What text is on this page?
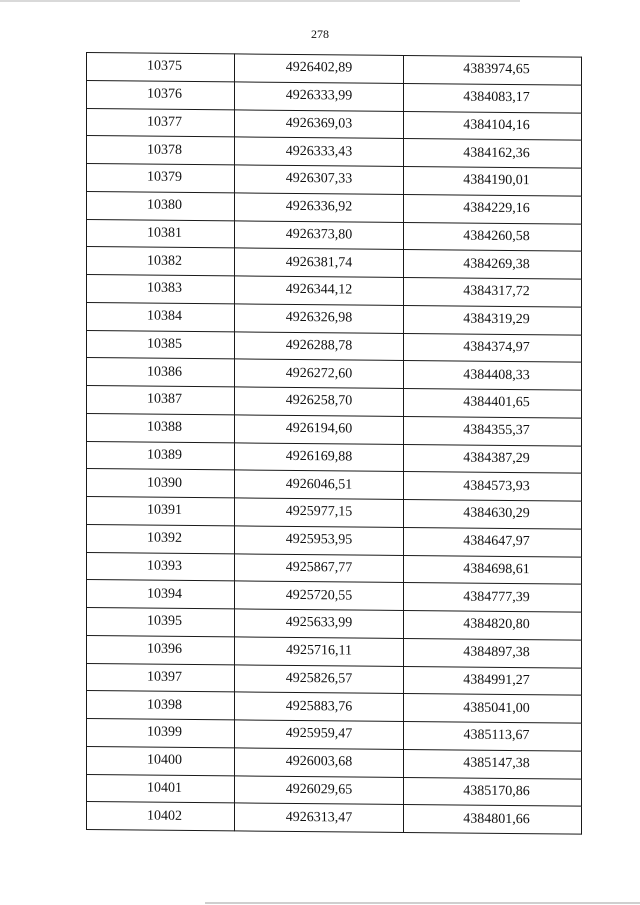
278
10375	4926402,89	4383974,65
10376	4926333,99	4384083,17
10377	4926369,03	4384104,16
10378	4926333,43	4384162,36
10379	4926307,33	4384190,01
10380	4926336,92	4384229,16
10381	4926373,80	4384260,58
10382	4926381,74	4384269,38
10383	4926344,12	4384317,72
10384	4926326,98	4384319,29
10385	4926288,78	4384374,97
10386	4926272,60	4384408,33
10387	4926258,70	4384401,65
10388	4926194,60	4384355,37
10389	4926169,88	4384387,29
10390	4926046,51	4384573,93
10391	4925977,15	4384630,29
10392	4925953,95	4384647,97
10393	4925867,77	4384698,61
10394	4925720,55	4384777,39
10395	4925633,99	4384820,80
10396	4925716,11	4384897,38
10397	4925826,57	4384991,27
10398	4925883,76	4385041,00
10399	4925959,47	4385113,67
10400	4926003,68	4385147,38
10401	4926029,65	4385170,86
10402	4926313,47	4384801,66
